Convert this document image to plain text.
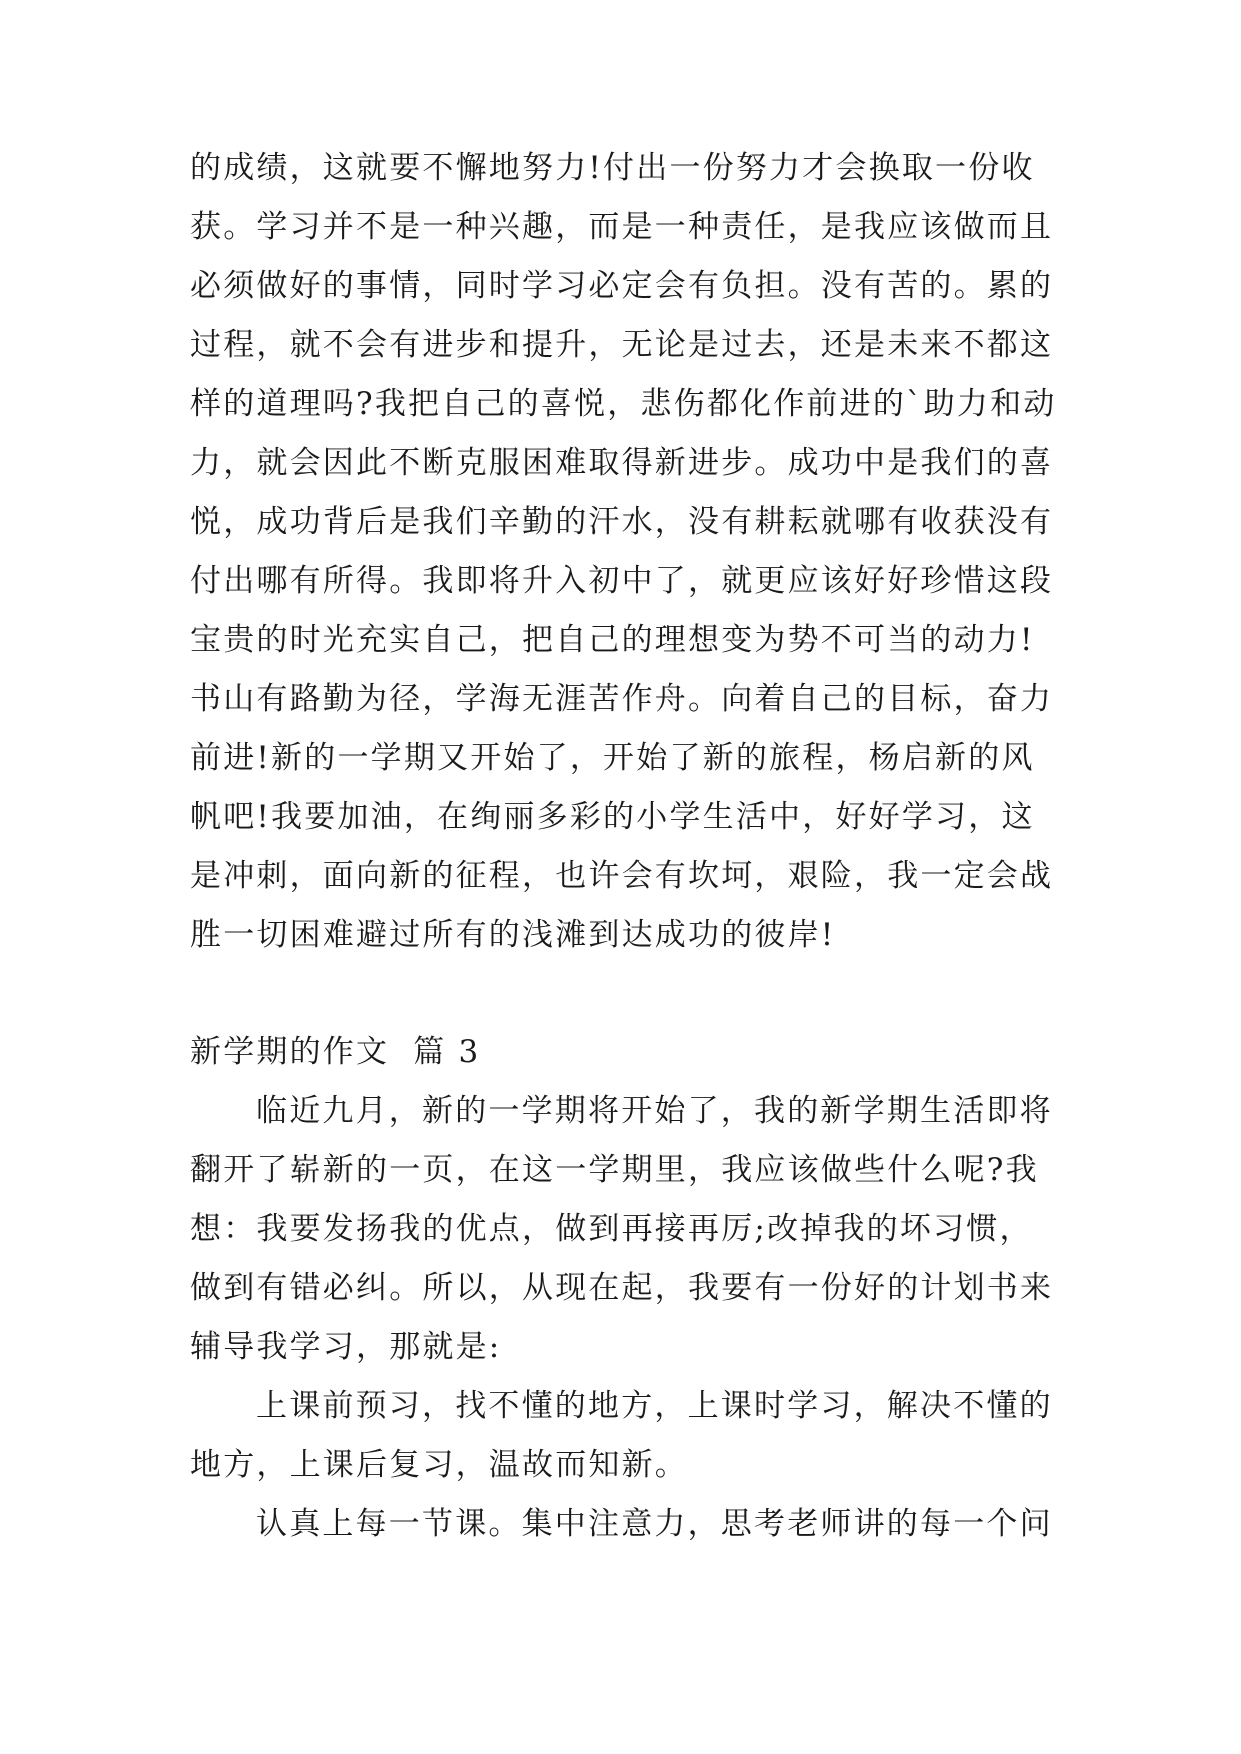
的成绩，这就要不懈地努力!付出一份努力才会换取一份收
获。学习并不是一种兴趣，而是一种责任，是我应该做而且
必须做好的事情，同时学习必定会有负担。没有苦的。累的
过程，就不会有进步和提升，无论是过去，还是未来不都这
样的道理吗?我把自己的喜悦，悲伤都化作前进的`助力和动
力，就会因此不断克服困难取得新进步。成功中是我们的喜
悦，成功背后是我们辛勤的汗水，没有耕耘就哪有收获没有
付出哪有所得。我即将升入初中了，就更应该好好珍惜这段
宝贵的时光充实自己，把自己的理想变为势不可当的动力!
书山有路勤为径，学海无涯苦作舟。向着自己的目标，奋力
前进!新的一学期又开始了，开始了新的旅程，杨启新的风
帆吧!我要加油，在绚丽多彩的小学生活中，好好学习，这
是冲刺，面向新的征程，也许会有坎坷，艰险，我一定会战
胜一切困难避过所有的浅滩到达成功的彼岸!
新学期的作文  篇 3
临近九月，新的一学期将开始了，我的新学期生活即将
翻开了崭新的一页，在这一学期里，我应该做些什么呢?我
想：我要发扬我的优点，做到再接再厉;改掉我的坏习惯，
做到有错必纠。所以，从现在起，我要有一份好的计划书来
辅导我学习，那就是:
上课前预习，找不懂的地方，上课时学习，解决不懂的
地方，上课后复习，温故而知新。
认真上每一节课。集中注意力，思考老师讲的每一个问
